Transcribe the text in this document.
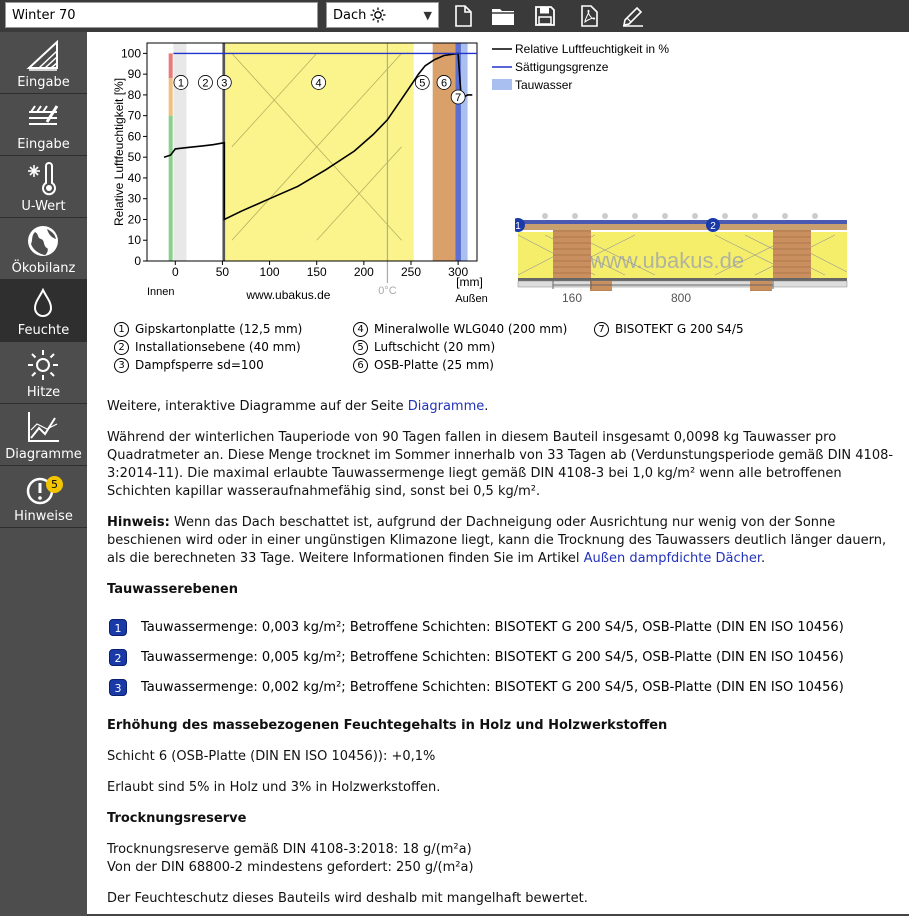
Winter 70
Dach	▼
Eingabe
Eingabe
U-Wert
Ökobilanz
Feuchte
Hitze
Diagramme
Hinweise
5
0
10
20
30
40
50
60
70
80
90
100
0	50	100 150 200 250 300
Relative Luftfeuchtigkeit [%]
[mm]
Innen
Außen
www.ubakus.de	0°C
1 2 3	4	5 6
7
Relative Luftfeuchtigkeit in %
Sättigungsgrenze
Tauwasser
www.ubakus.de
1	2
160	800
1 Gipskartonplatte (12,5 mm)
2 Installationsebene (40 mm)
3 Dampfsperre sd=100
4 Mineralwolle WLG040 (200 mm)
5 Luftschicht (20 mm)
6 OSB-Platte (25 mm)
7 BISOTEKT G 200 S4/5
Weitere, interaktive Diagramme auf der Seite Diagramme.
Während der winterlichen Tauperiode von 90 Tagen fallen in diesem Bauteil insgesamt 0,0098 kg Tauwasser pro Quadratmeter an. Diese Menge trocknet im Sommer innerhalb von 33 Tagen ab (Verdunstungsperiode gemäß DIN 4108-3:2014-11). Die maximal erlaubte Tauwassermenge liegt gemäß DIN 4108-3 bei 1,0 kg/m² wenn alle betroffenen Schichten kapillar wasseraufnahmefähig sind, sonst bei 0,5 kg/m².
Hinweis: Wenn das Dach beschattet ist, aufgrund der Dachneigung oder Ausrichtung nur wenig von der Sonne beschienen wird oder in einer ungünstigen Klimazone liegt, kann die Trocknung des Tauwassers deutlich länger dauern, als die berechneten 33 Tage. Weitere Informationen finden Sie im Artikel Außen dampfdichte Dächer.
Tauwasserebenen
1	Tauwassermenge: 0,003 kg/m²; Betroffene Schichten: BISOTEKT G 200 S4/5, OSB-Platte (DIN EN ISO 10456)
2	Tauwassermenge: 0,005 kg/m²; Betroffene Schichten: BISOTEKT G 200 S4/5, OSB-Platte (DIN EN ISO 10456)
3	Tauwassermenge: 0,002 kg/m²; Betroffene Schichten: BISOTEKT G 200 S4/5, OSB-Platte (DIN EN ISO 10456)
Erhöhung des massebezogenen Feuchtegehalts in Holz und Holzwerkstoffen
Schicht 6 (OSB-Platte (DIN EN ISO 10456)): +0,1%
Erlaubt sind 5% in Holz und 3% in Holzwerkstoffen.
Trocknungsreserve
Trocknungsreserve gemäß DIN 4108-3:2018: 18 g/(m²a)
Von der DIN 68800-2 mindestens gefordert: 250 g/(m²a)
Der Feuchteschutz dieses Bauteils wird deshalb mit mangelhaft bewertet.
